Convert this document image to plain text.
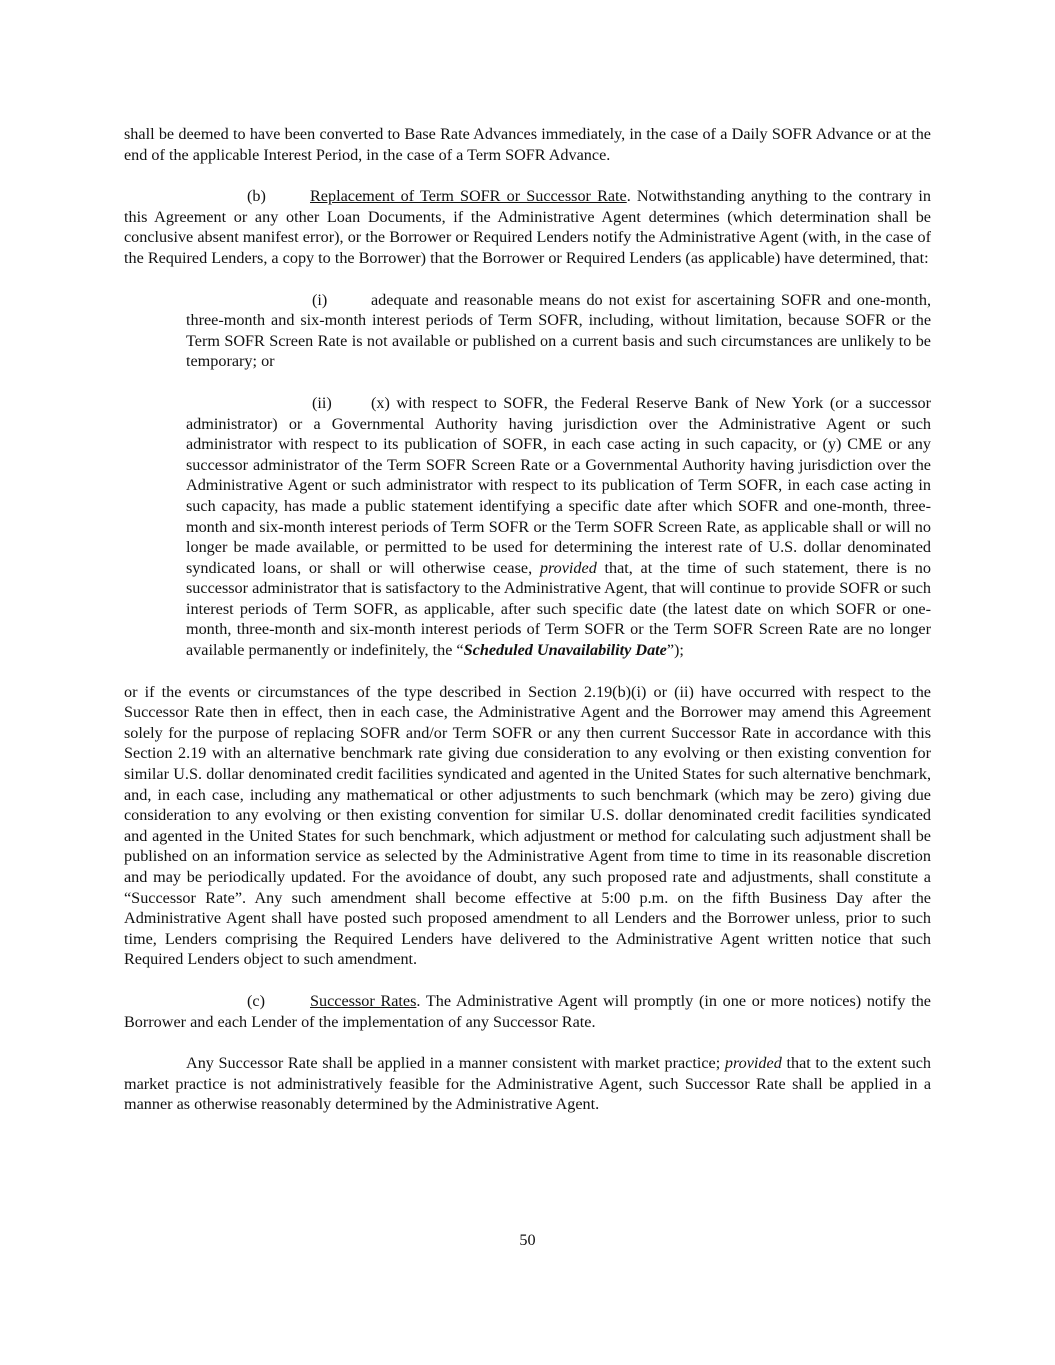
shall be deemed to have been converted to Base Rate Advances immediately, in the case of a Daily SOFR Advance or at the end of the applicable Interest Period, in the case of a Term SOFR Advance.

(b)	Replacement of Term SOFR or Successor Rate. Notwithstanding anything to the contrary in this Agreement or any other Loan Documents, if the Administrative Agent determines (which determination shall be conclusive absent manifest error), or the Borrower or Required Lenders notify the Administrative Agent (with, in the case of the Required Lenders, a copy to the Borrower) that the Borrower or Required Lenders (as applicable) have determined, that:

(i)	adequate and reasonable means do not exist for ascertaining SOFR and one-month, three-month and six-month interest periods of Term SOFR, including, without limitation, because SOFR or the Term SOFR Screen Rate is not available or published on a current basis and such circumstances are unlikely to be temporary; or

(ii) (x) with respect to SOFR, the Federal Reserve Bank of New York (or a successor administrator) or a Governmental Authority having jurisdiction over the Administrative Agent or such administrator with respect to its publication of SOFR, in each case acting in such capacity, or (y) CME or any successor administrator of the Term SOFR Screen Rate or a Governmental Authority having jurisdiction over the Administrative Agent or such administrator with respect to its publication of Term SOFR, in each case acting in such capacity, has made a public statement identifying a specific date after which SOFR and one-month, three-month and six-month interest periods of Term SOFR or the Term SOFR Screen Rate, as applicable shall or will no longer be made available, or permitted to be used for determining the interest rate of U.S. dollar denominated syndicated loans, or shall or will otherwise cease, provided that, at the time of such statement, there is no successor administrator that is satisfactory to the Administrative Agent, that will continue to provide SOFR or such interest periods of Term SOFR, as applicable, after such specific date (the latest date on which SOFR or one-month, three-month and six-month interest periods of Term SOFR or the Term SOFR Screen Rate are no longer available permanently or indefinitely, the “Scheduled Unavailability Date”);

or if the events or circumstances of the type described in Section 2.19(b)(i) or (ii) have occurred with respect to the Successor Rate then in effect, then in each case, the Administrative Agent and the Borrower may amend this Agreement solely for the purpose of replacing SOFR and/or Term SOFR or any then current Successor Rate in accordance with this Section 2.19 with an alternative benchmark rate giving due consideration to any evolving or then existing convention for similar U.S. dollar denominated credit facilities syndicated and agented in the United States for such alternative benchmark, and, in each case, including any mathematical or other adjustments to such benchmark (which may be zero) giving due consideration to any evolving or then existing convention for similar U.S. dollar denominated credit facilities syndicated and agented in the United States for such benchmark, which adjustment or method for calculating such adjustment shall be published on an information service as selected by the Administrative Agent from time to time in its reasonable discretion and may be periodically updated. For the avoidance of doubt, any such proposed rate and adjustments, shall constitute a “Successor Rate”. Any such amendment shall become effective at 5:00 p.m. on the fifth Business Day after the Administrative Agent shall have posted such proposed amendment to all Lenders and the Borrower unless, prior to such time, Lenders comprising the Required Lenders have delivered to the Administrative Agent written notice that such Required Lenders object to such amendment.

(c)	Successor Rates. The Administrative Agent will promptly (in one or more notices) notify the Borrower and each Lender of the implementation of any Successor Rate.

Any Successor Rate shall be applied in a manner consistent with market practice; provided that to the extent such market practice is not administratively feasible for the Administrative Agent, such Successor Rate shall be applied in a manner as otherwise reasonably determined by the Administrative Agent.

50
